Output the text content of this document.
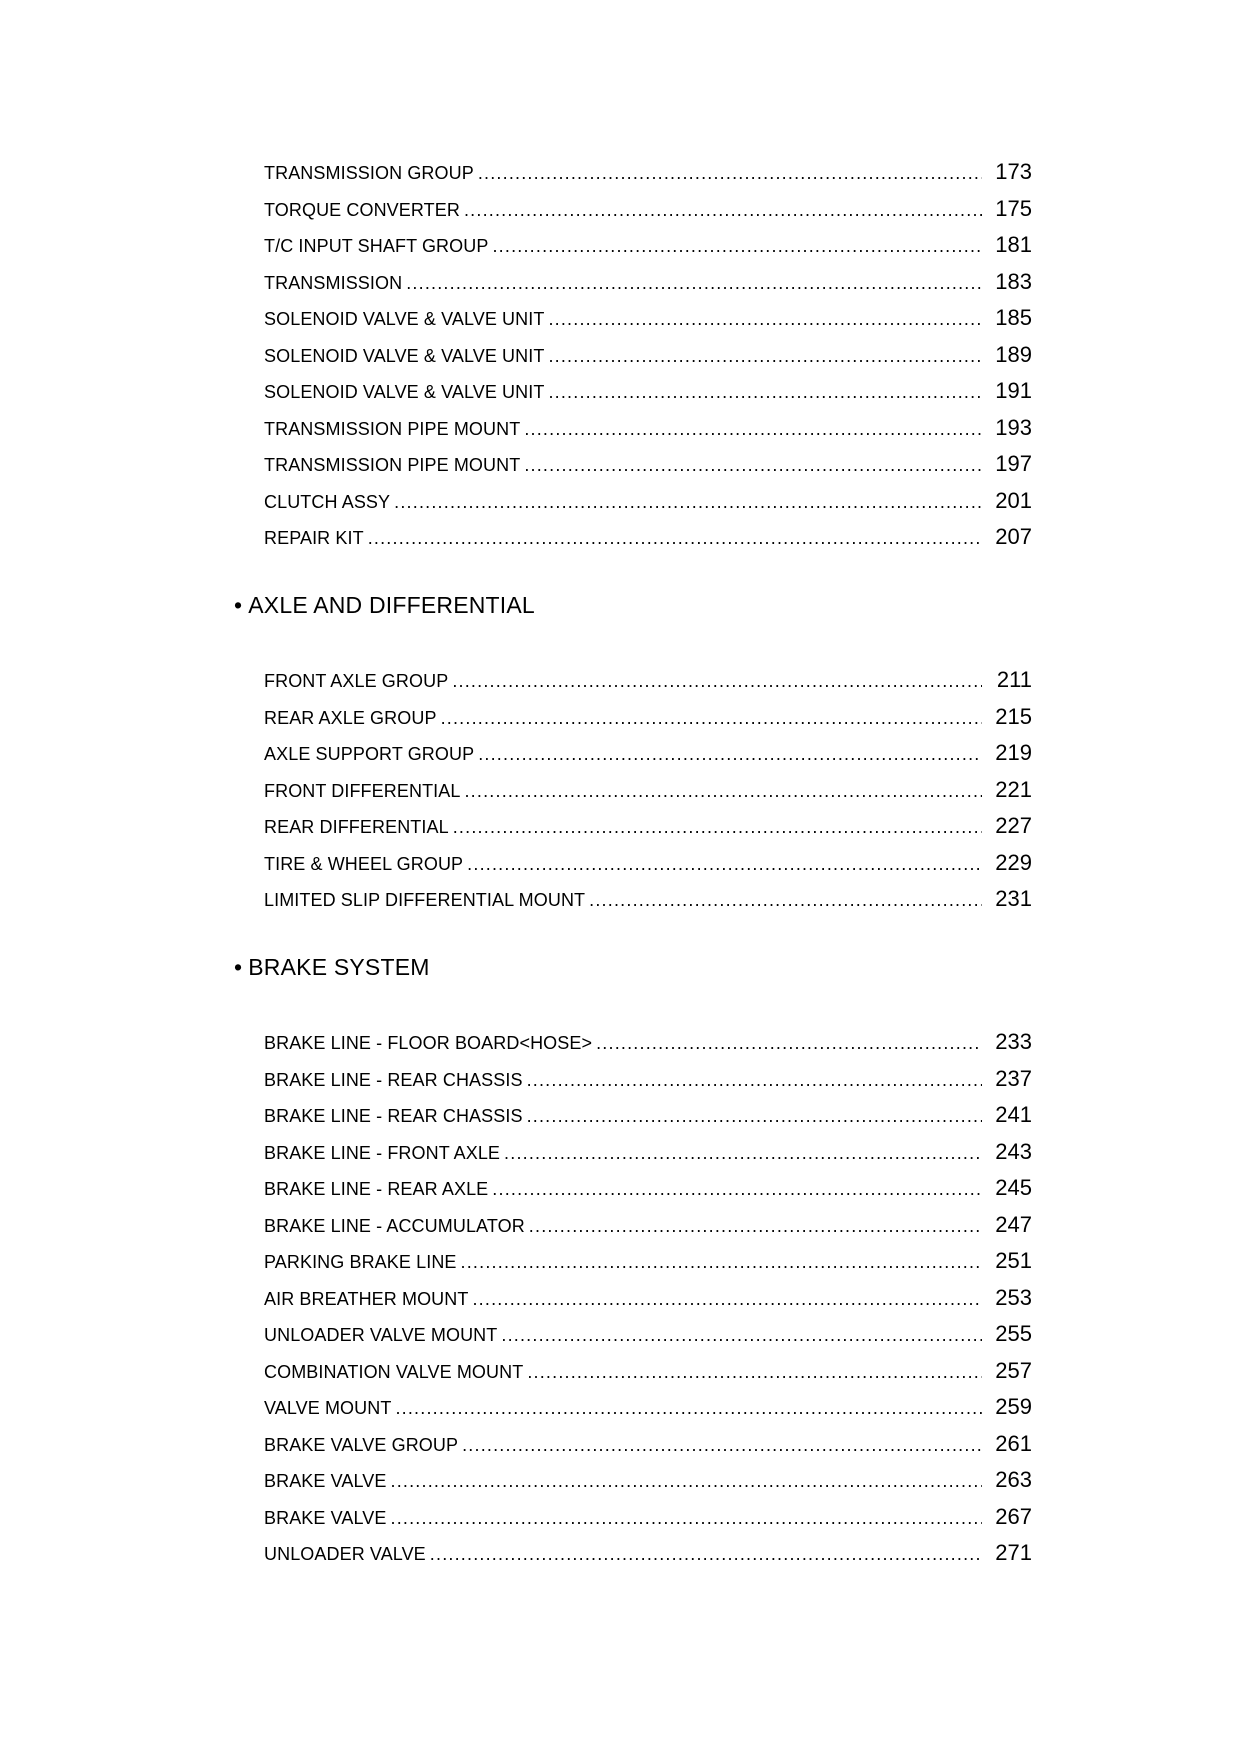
TRANSMISSION GROUP .....	173
TORQUE CONVERTER .....	175
T/C INPUT SHAFT GROUP .....	181
TRANSMISSION .....	183
SOLENOID VALVE & VALVE UNIT .....	185
SOLENOID VALVE & VALVE UNIT .....	189
SOLENOID VALVE & VALVE UNIT .....	191
TRANSMISSION PIPE MOUNT .....	193
TRANSMISSION PIPE MOUNT .....	197
CLUTCH ASSY .....	201
REPAIR KIT .....	207
• AXLE AND DIFFERENTIAL
FRONT AXLE GROUP .....	211
REAR AXLE GROUP .....	215
AXLE SUPPORT GROUP .....	219
FRONT DIFFERENTIAL .....	221
REAR DIFFERENTIAL .....	227
TIRE & WHEEL GROUP .....	229
LIMITED SLIP DIFFERENTIAL MOUNT .....	231
• BRAKE SYSTEM
BRAKE LINE - FLOOR BOARD<HOSE> .....	233
BRAKE LINE - REAR CHASSIS .....	237
BRAKE LINE - REAR CHASSIS .....	241
BRAKE LINE - FRONT AXLE .....	243
BRAKE LINE - REAR AXLE .....	245
BRAKE LINE - ACCUMULATOR .....	247
PARKING BRAKE LINE .....	251
AIR BREATHER MOUNT .....	253
UNLOADER VALVE MOUNT .....	255
COMBINATION VALVE MOUNT .....	257
VALVE MOUNT .....	259
BRAKE VALVE GROUP .....	261
BRAKE VALVE .....	263
BRAKE VALVE .....	267
UNLOADER VALVE .....	271
